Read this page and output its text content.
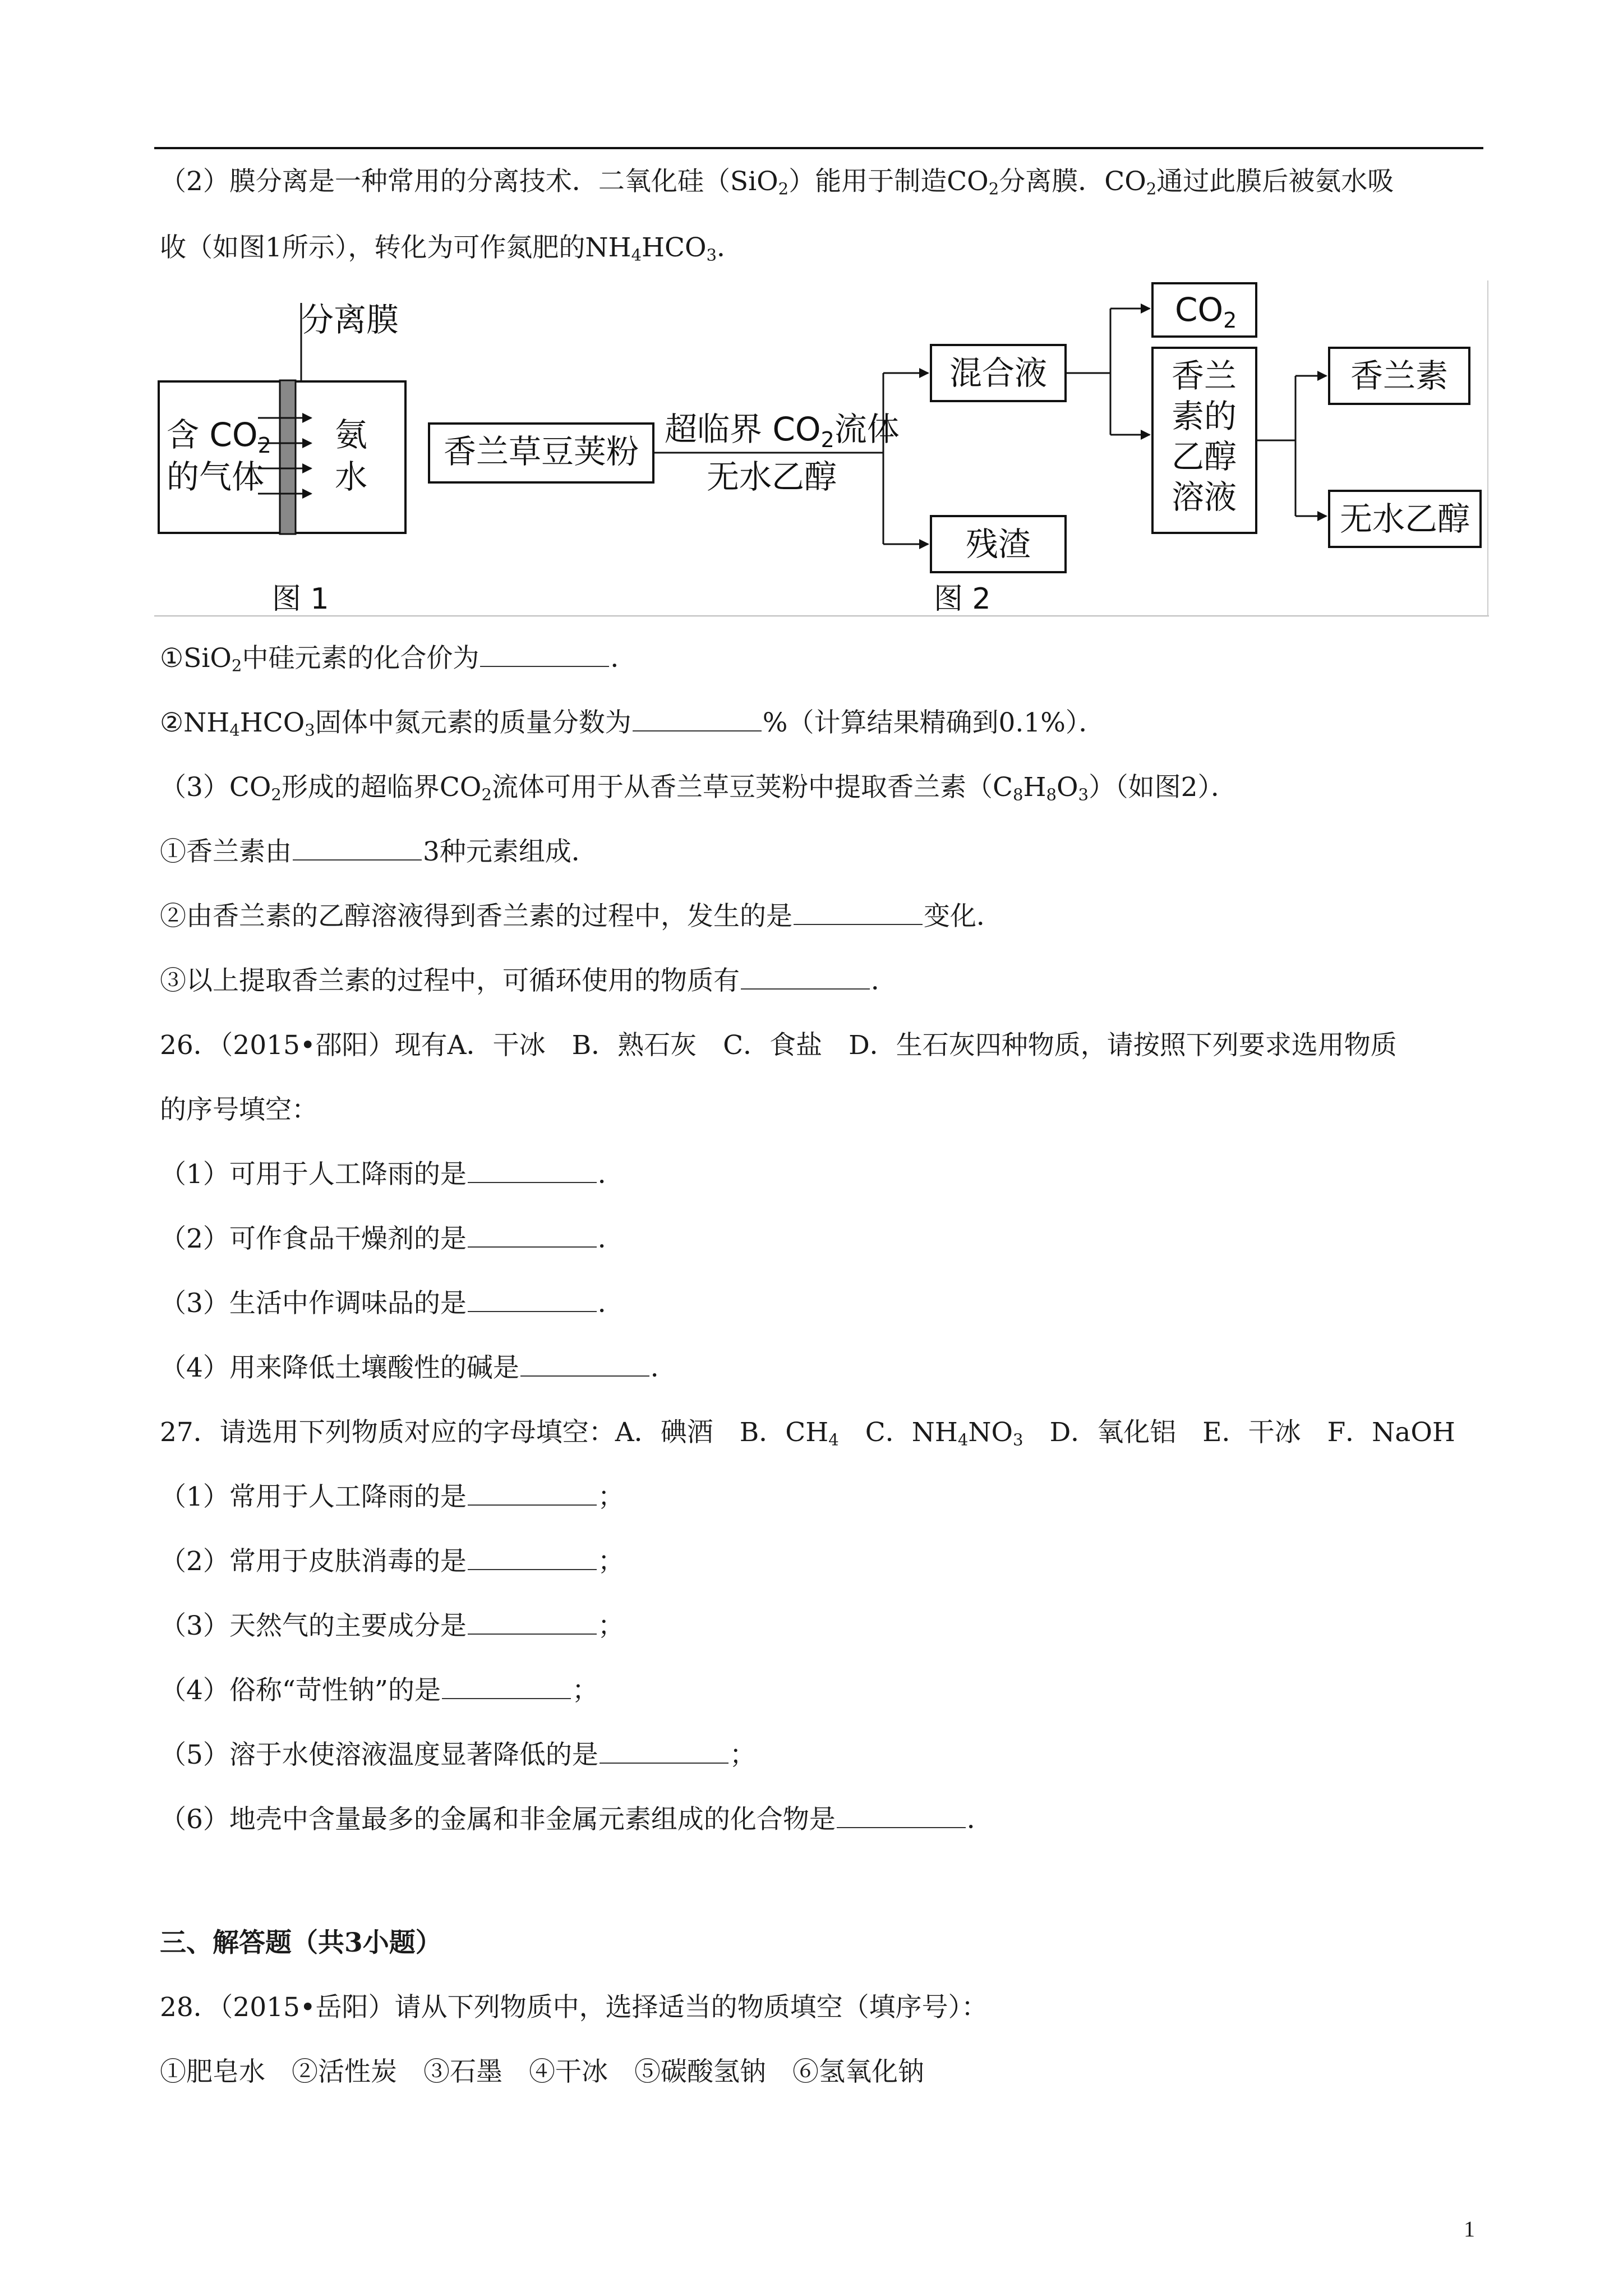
（2）膜分离是一种常用的分离技术．二氧化硅（SiO$_2$）能用于制造$CO_2$分离膜．$CO_2$通过此膜后被氨水吸
收（如图1所示），转化为可作氮肥的$NH_4HCO_3$．
分离膜
含 $CO_2$
的气体
氨
水
图 1
香兰草豆荚粉
超临界 $CO_2$流体
无水乙醇
混合液
残渣
$CO_2$
香兰
素的
乙醇
溶液
香兰素
无水乙醇
图 2
①SiO$_2$中硅元素的化合价为	．
$②NH_4HCO_3$固体中氮元素的质量分数为	%（计算结果精确到0.1%）．
$(3)CO_2$形成的超临界$CO_2$流体可用于从香兰草豆荚粉中提取香兰素$(C_8H_8O_3)$（如图2）．
①香兰素由	3种元素组成．
②由香兰素的乙醇溶液得到香兰素的过程中，发生的是	变化．
③以上提取香兰素的过程中，可循环使用的物质有	．
26．（2015•邵阳）现有A．干冰　B．熟石灰　C．食盐　D．生石灰四种物质，请按照下列要求选用物质
的序号填空：
（1）可用于人工降雨的是	．
（2）可作食品干燥剂的是	．
（3）生活中作调味品的是	．
（4）用来降低土壤酸性的碱是	．
27．请选用下列物质对应的字母填空：A．碘酒　B．$CH_4$　C．$NH_4NO_3$　D．氧化铝　E．干冰　F．NaOH
（1）常用于人工降雨的是	；
（2）常用于皮肤消毒的是	；
（3）天然气的主要成分是	；
（4）俗称“苛性钠”的是	；
（5）溶于水使溶液温度显著降低的是	；
（6）地壳中含量最多的金属和非金属元素组成的化合物是	．
三、解答题（共3小题）
28．（2015•岳阳）请从下列物质中，选择适当的物质填空（填序号）：
①肥皂水　②活性炭　③石墨　④干冰　⑤碳酸氢钠　⑥氢氧化钠
1
